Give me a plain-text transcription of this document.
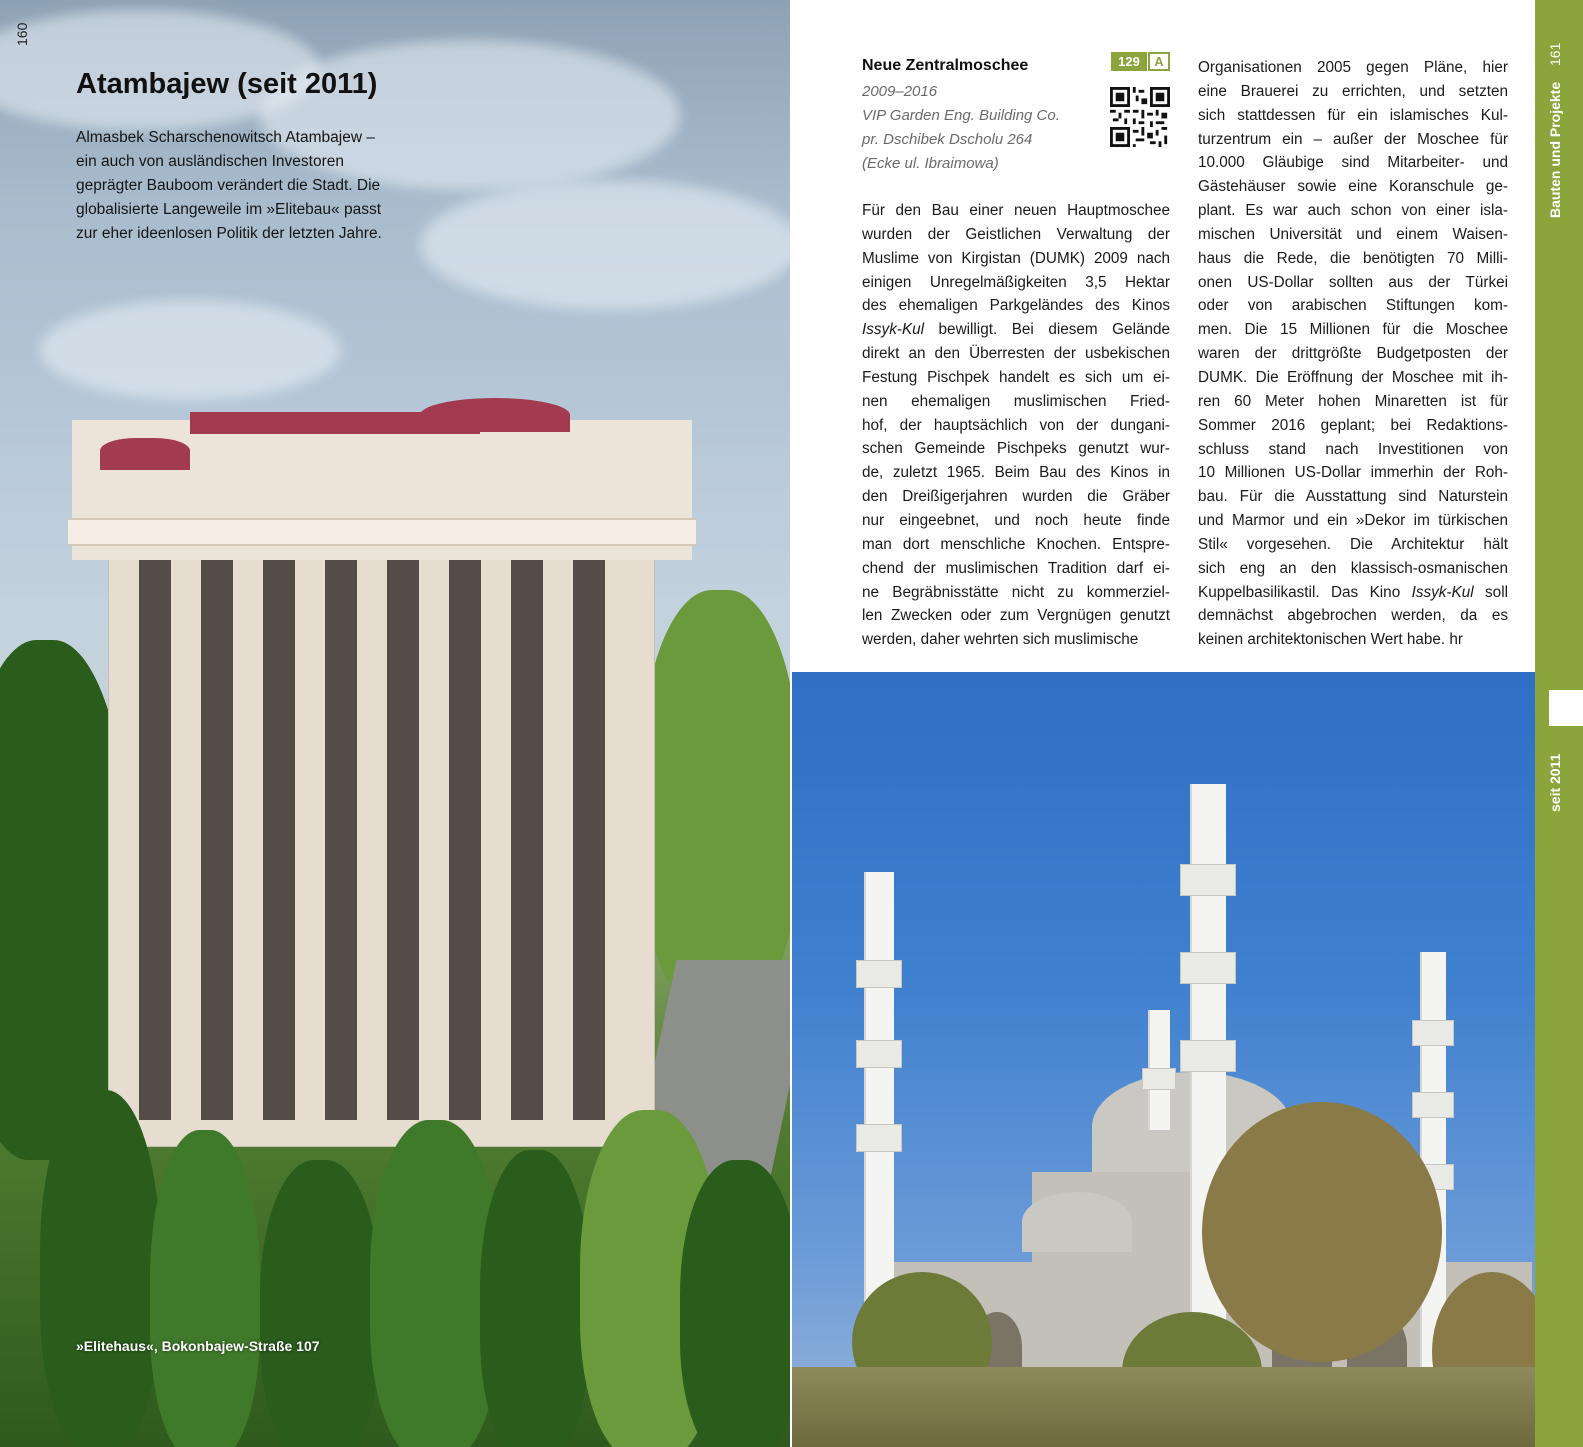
160
Atambajew (seit 2011)

Almasbek Scharschenowitsch Atambajew – ein auch von ausländischen Investoren geprägter Bauboom verändert die Stadt. Die globalisierte Langeweile im »Elitebau« passt zur eher ideenlosen Politik der letzten Jahre.

»Elitehaus«, Bokonbajew-Straße 107

Neue Zentralmoschee	129	A

2009–2016

VIP Garden Eng. Building Co.

pr. Dschibek Dscholu 264

(Ecke ul. Ibraimowa)

Für den Bau einer neuen Hauptmoschee
wurden der Geistlichen Verwaltung der
Muslime von Kirgistan (DUMK) 2009 nach
einigen Unregelmäßigkeiten 3,5 Hektar
des ehemaligen Parkgeländes des Kinos
Issyk-Kul bewilligt. Bei diesem Gelände
direkt an den Überresten der usbekischen
Festung Pischpek handelt es sich um ei-
nen ehemaligen muslimischen Fried-
hof, der hauptsächlich von der dungani-
schen Gemeinde Pischpeks genutzt wur-
de, zuletzt 1965. Beim Bau des Kinos in
den Dreißigerjahren wurden die Gräber
nur eingeebnet, und noch heute finde
man dort menschliche Knochen. Entspre-
chend der muslimischen Tradition darf ei-
ne Begräbnisstätte nicht zu kommerziel-
len Zwecken oder zum Vergnügen genutzt
werden, daher wehrten sich muslimische
Organisationen 2005 gegen Pläne, hier
eine Brauerei zu errichten, und setzten
sich stattdessen für ein islamisches Kul-
turzentrum ein – außer der Moschee für
10.000 Gläubige sind Mitarbeiter- und
Gästehäuser sowie eine Koranschule ge-
plant. Es war auch schon von einer isla-
mischen Universität und einem Waisen-
haus die Rede, die benötigten 70 Milli-
onen US-Dollar sollten aus der Türkei
oder von arabischen Stiftungen kom-
men. Die 15 Millionen für die Moschee
waren der drittgrößte Budgetposten der
DUMK. Die Eröffnung der Moschee mit ih-
ren 60 Meter hohen Minaretten ist für
Sommer 2016 geplant; bei Redaktions-
schluss stand nach Investitionen von
10 Millionen US-Dollar immerhin der Roh-
bau. Für die Ausstattung sind Naturstein
und Marmor und ein »Dekor im türkischen
Stil« vorgesehen. Die Architektur hält
sich eng an den klassisch-osmanischen
Kuppelbasilikastil. Das Kino Issyk-Kul soll
demnächst abgebrochen werden, da es
keinen architektonischen Wert habe. hr
Bauten und Projekte
161
seit 2011
